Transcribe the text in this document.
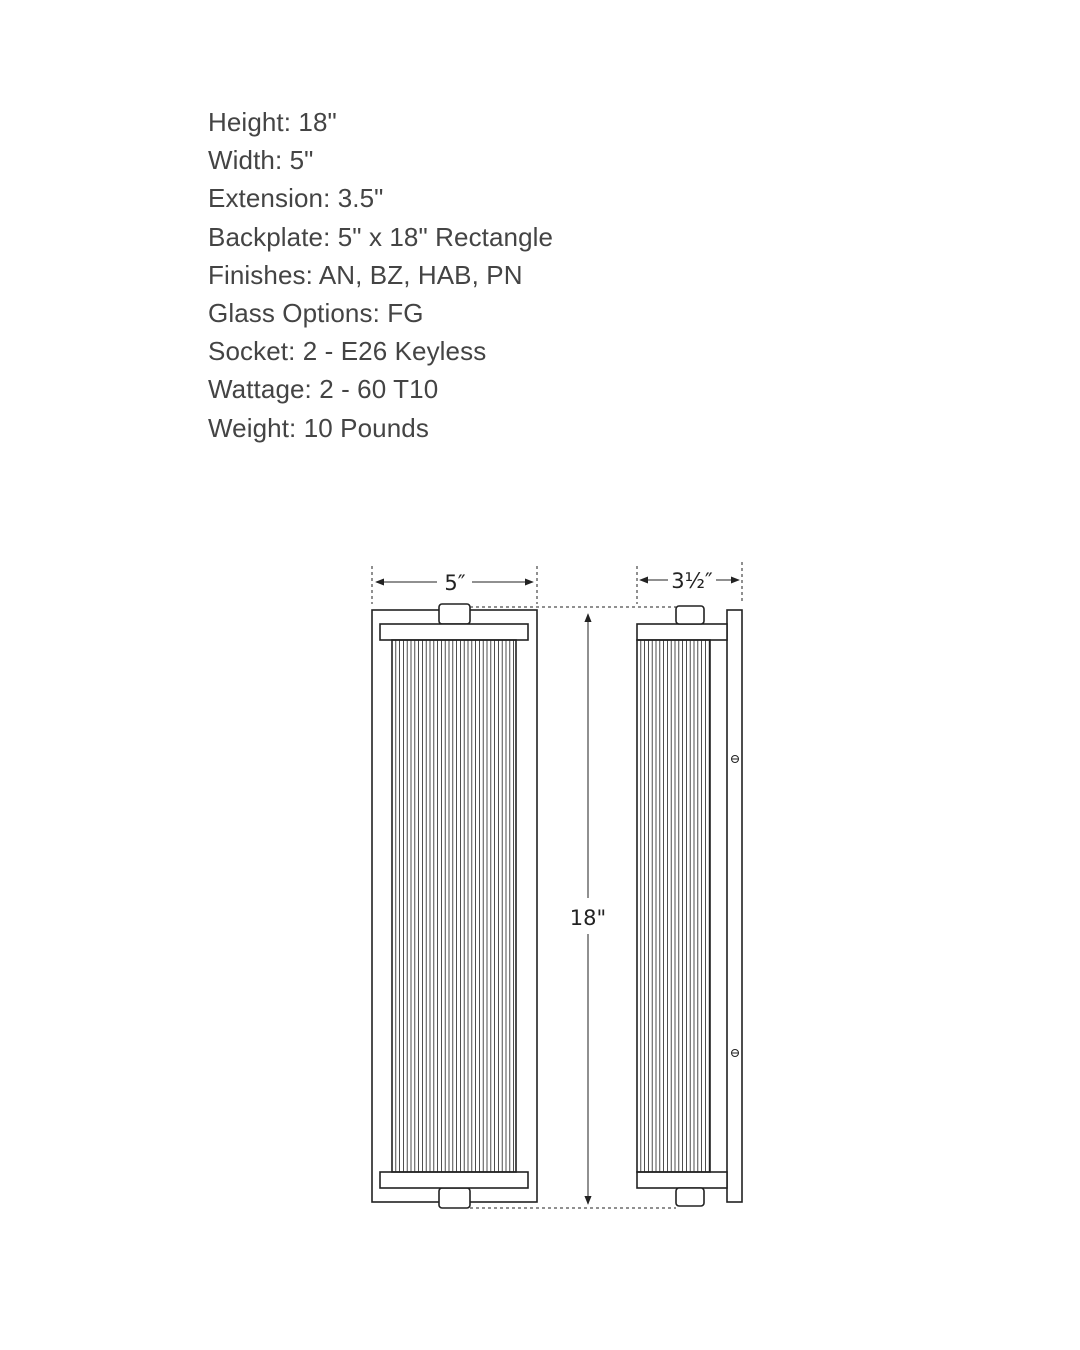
Height: 18"
Width: 5"
Extension: 3.5"
Backplate: 5" x 18" Rectangle
Finishes: AN, BZ, HAB, PN
Glass Options: FG
Socket: 2 - E26 Keyless
Wattage: 2 - 60 T10
Weight: 10 Pounds
5″	3½″
18"
